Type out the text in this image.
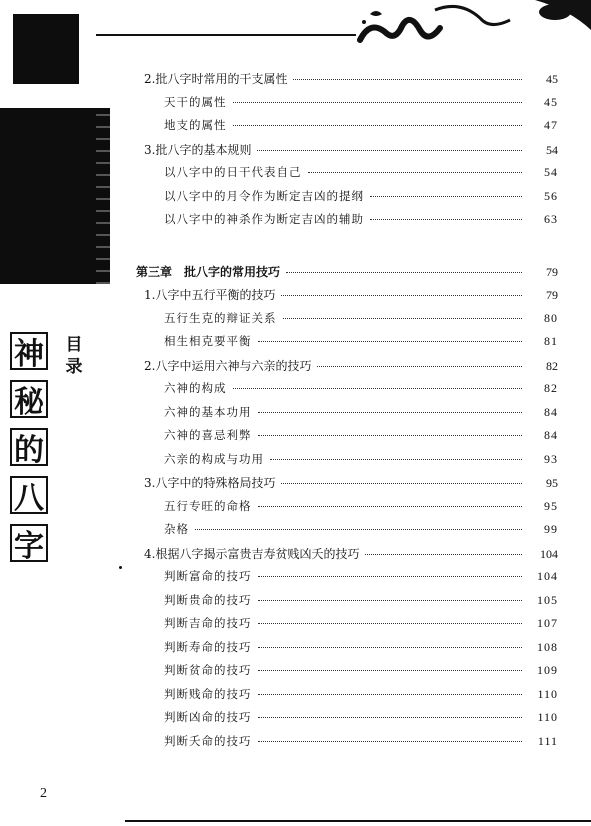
神
秘
的
八
字
目录
2.批八字时常用的干支属性	45
天干的属性	45
地支的属性	47
3.批八字的基本规则	54
以八字中的日干代表自己	54
以八字中的月令作为断定吉凶的提纲	56
以八字中的神杀作为断定吉凶的辅助	63
第三章　批八字的常用技巧	79
1.八字中五行平衡的技巧	79
五行生克的辩证关系	80
相生相克要平衡	81
2.八字中运用六神与六亲的技巧	82
六神的构成	82
六神的基本功用	84
六神的喜忌利弊	84
六亲的构成与功用	93
3.八字中的特殊格局技巧	95
五行专旺的命格	95
杂格	99
4.根据八字揭示富贵吉寿贫贱凶夭的技巧	104
判断富命的技巧	104
判断贵命的技巧	105
判断吉命的技巧	107
判断寿命的技巧	108
判断贫命的技巧	109
判断贱命的技巧	110
判断凶命的技巧	110
判断夭命的技巧	111
2
